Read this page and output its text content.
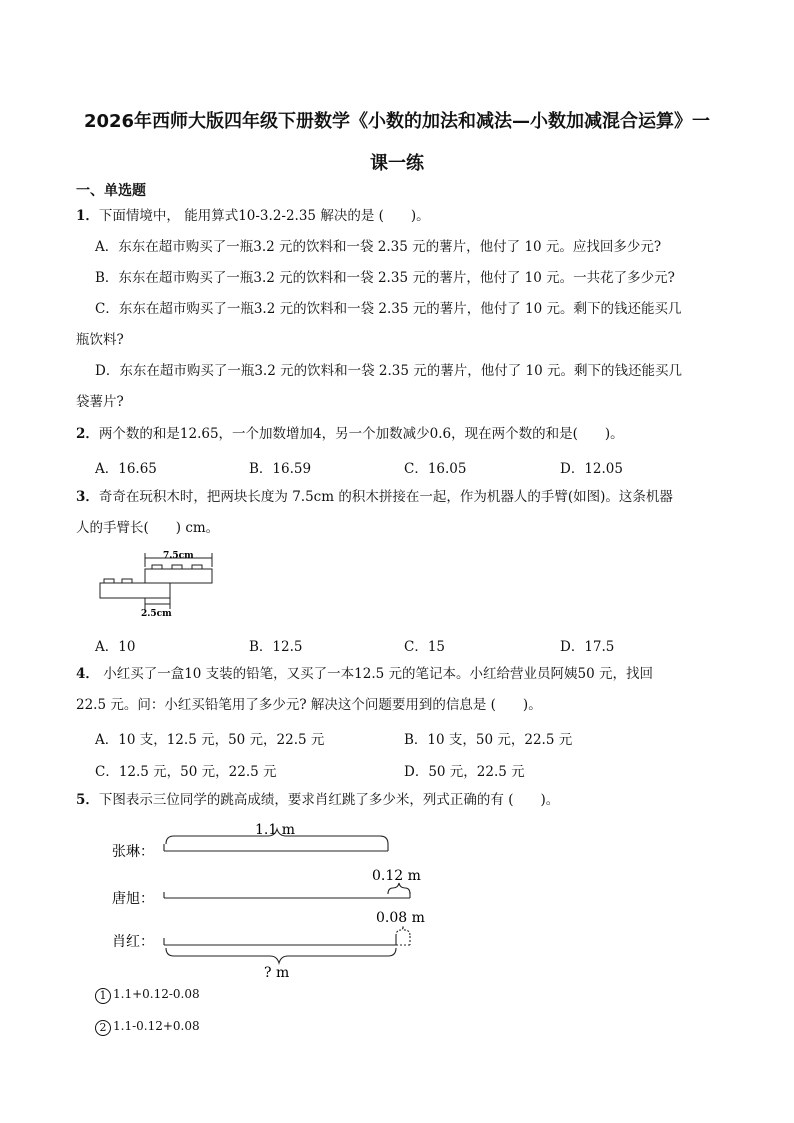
2026年西师大版四年级下册数学《小数的加法和减法—小数加减混合运算》一
课一练
一、单选题
1．下面情境中， 能用算式10-3.2-2.35 解决的是 (　　)。
A．东东在超市购买了一瓶3.2 元的饮料和一袋 2.35 元的薯片，他付了 10 元。应找回多少元?
B．东东在超市购买了一瓶3.2 元的饮料和一袋 2.35 元的薯片，他付了 10 元。一共花了多少元?
C．东东在超市购买了一瓶3.2 元的饮料和一袋 2.35 元的薯片，他付了 10 元。剩下的钱还能买几
瓶饮料?
D．东东在超市购买了一瓶3.2 元的饮料和一袋 2.35 元的薯片，他付了 10 元。剩下的钱还能买几
袋薯片?
2．两个数的和是12.65，一个加数增加4，另一个加数减少0.6，现在两个数的和是(　　)。
A．16.65	B．16.59	C．16.05	D．12.05
3．奇奇在玩积木时，把两块长度为 7.5cm 的积木拼接在一起，作为机器人的手臂(如图)。这条机器
人的手臂长(　　) cm。
7.5cm
2.5cm
A．10	B．12.5	C．15	D．17.5
4． 小红买了一盒10 支装的铅笔，又买了一本12.5 元的笔记本。小红给营业员阿姨50 元，找回
22.5 元。问：小红买铅笔用了多少元? 解决这个问题要用到的信息是 (　　)。
A．10 支，12.5 元，50 元，22.5 元	B．10 支，50 元，22.5 元
C．12.5 元，50 元，22.5 元	D．50 元，22.5 元
5．下图表示三位同学的跳高成绩，要求肖红跳了多少米，列式正确的有 (　　)。
1.1 m
张琳：
唐旭：
肖红：
0.12 m
0.08 m
? m
1 1.1+0.12-0.08
2 1.1-0.12+0.08
